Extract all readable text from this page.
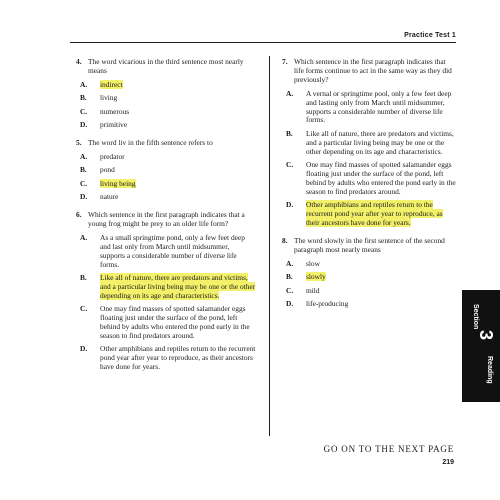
Practice Test 1
4. The word vicarious in the third sentence most nearly means
A.	indirect
B.	living
C.	numerous
D.	primitive
5. The word liv in the fifth sentence refers to
A.	predator
B.	pond
C.	living being
D.	nature
6. Which sentence in the first paragraph indicates that a young frog might be prey to an older life form?
A.	As a small springtime pond, only a few feet deep and last only from March until midsummer, supports a considerable number of diverse life forms.
B.	Like all of nature, there are predators and victims, and a particular living being may be one or the other depending on its age and characteristics.
C.	One may find masses of spotted salamander eggs floating just under the surface of the pond, left behind by adults who entered the pond early in the season to find predators around.
D.	Other amphibians and reptiles return to the recurrent pond year after year to reproduce, as their ancestors have done for years.
7. Which sentence in the first paragraph indicates that life forms continue to act in the same way as they did previously?
A.	A vernal or springtime pool, only a few feet deep and lasting only from March until midsummer, supports a considerable number of diverse life forms.
B.	Like all of nature, there are predators and victims, and a particular living being may be one or the other depending on its age and characteristics.
C.	One may find masses of spotted salamander eggs floating just under the surface of the pond, left behind by adults who entered the pond early in the season to find predators around.
D.	Other amphibians and reptiles return to the recurrent pond year after year to reproduce, as their ancestors have done for years.
8. The word slowly in the first sentence of the second paragraph most nearly means
A.	slow
B.	slowly
C.	mild
D.	life-producing
Section
3
Reading
GO ON TO THE NEXT PAGE
219
